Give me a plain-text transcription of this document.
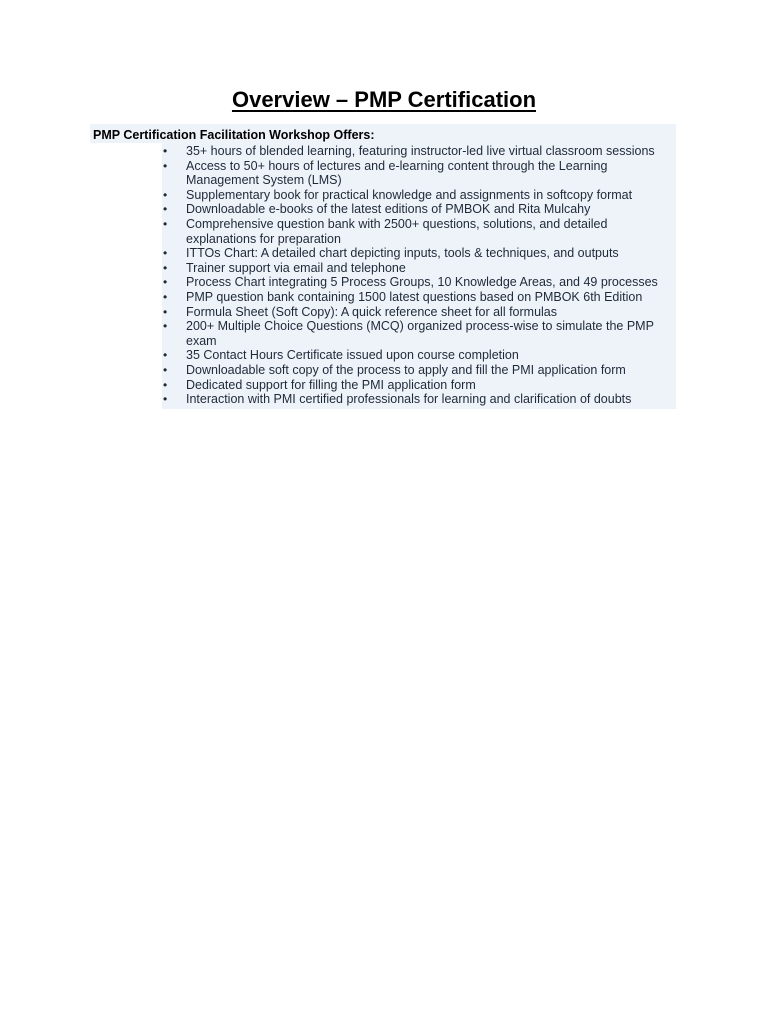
Overview – PMP Certification

PMP Certification Facilitation Workshop Offers:

• 35+ hours of blended learning, featuring instructor-led live virtual classroom sessions
• Access to 50+ hours of lectures and e-learning content through the Learning Management System (LMS)
• Supplementary book for practical knowledge and assignments in softcopy format
• Downloadable e-books of the latest editions of PMBOK and Rita Mulcahy
• Comprehensive question bank with 2500+ questions, solutions, and detailed explanations for preparation
• ITTOs Chart: A detailed chart depicting inputs, tools & techniques, and outputs
• Trainer support via email and telephone
• Process Chart integrating 5 Process Groups, 10 Knowledge Areas, and 49 processes
• PMP question bank containing 1500 latest questions based on PMBOK 6th Edition
• Formula Sheet (Soft Copy): A quick reference sheet for all formulas
• 200+ Multiple Choice Questions (MCQ) organized process-wise to simulate the PMP exam
• 35 Contact Hours Certificate issued upon course completion
• Downloadable soft copy of the process to apply and fill the PMI application form
• Dedicated support for filling the PMI application form
• Interaction with PMI certified professionals for learning and clarification of doubts
